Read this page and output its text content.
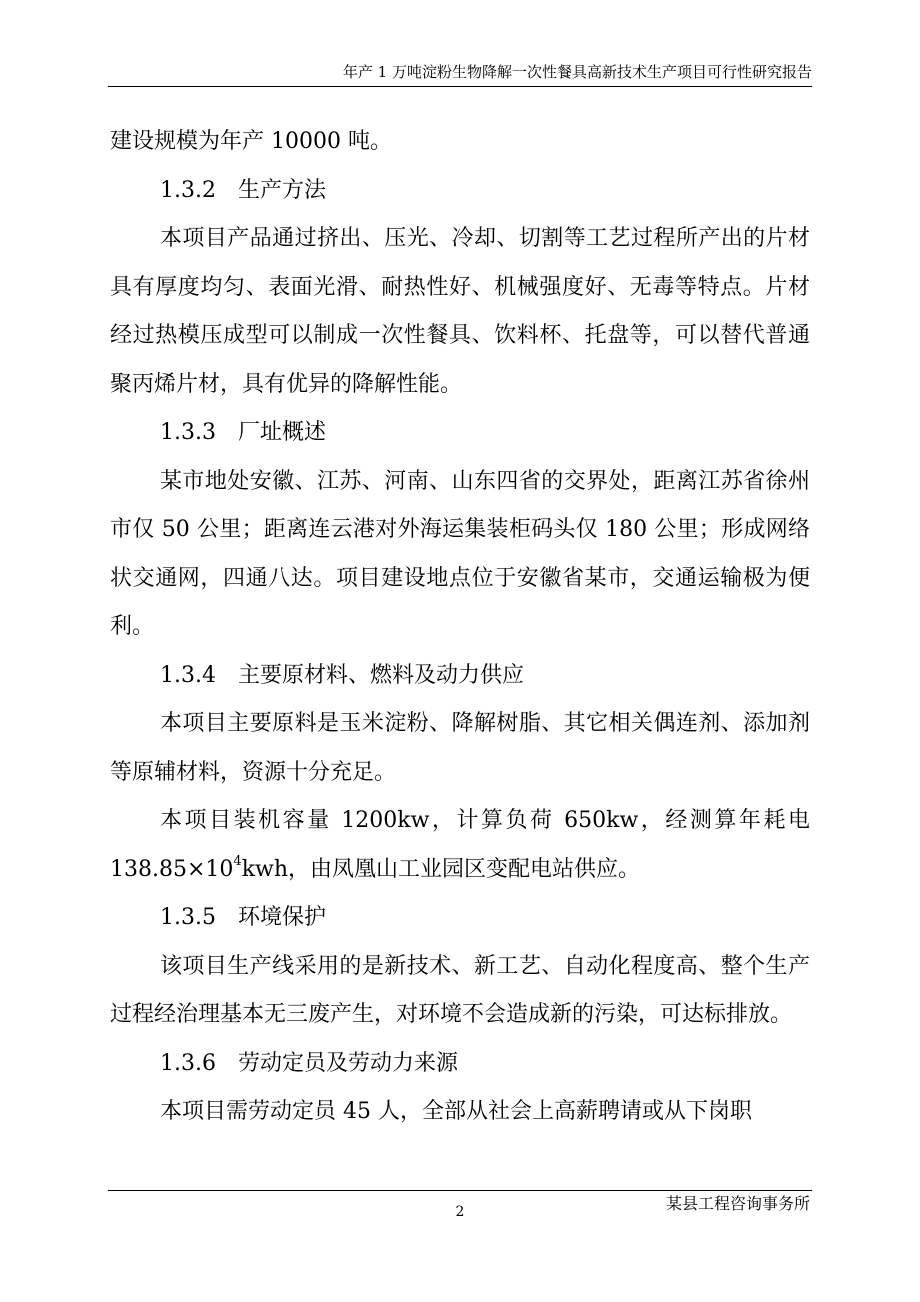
年产 1 万吨淀粉生物降解一次性餐具高新技术生产项目可行性研究报告

建设规模为年产 10000 吨。

1.3.2　生产方法

本项目产品通过挤出、压光、冷却、切割等工艺过程所产出的片材具有厚度均匀、表面光滑、耐热性好、机械强度好、无毒等特点。片材经过热模压成型可以制成一次性餐具、饮料杯、托盘等，可以替代普通聚丙烯片材，具有优异的降解性能。

1.3.3　厂址概述

某市地处安徽、江苏、河南、山东四省的交界处，距离江苏省徐州市仅 50 公里；距离连云港对外海运集装柜码头仅 180 公里；形成网络状交通网，四通八达。项目建设地点位于安徽省某市，交通运输极为便利。

1.3.4　主要原材料、燃料及动力供应

本项目主要原料是玉米淀粉、降解树脂、其它相关偶连剂、添加剂等原辅材料，资源十分充足。

本项目装机容量 1200kw，计算负荷 650kw，经测算年耗电 $138.85\times 10^4kwh$，由凤凰山工业园区变配电站供应。

1.3.5　环境保护

该项目生产线采用的是新技术、新工艺、自动化程度高、整个生产过程经治理基本无三废产生，对环境不会造成新的污染，可达标排放。

1.3.6　劳动定员及劳动力来源

本项目需劳动定员 45 人，全部从社会上高薪聘请或从下岗职

2	某县工程咨询事务所
